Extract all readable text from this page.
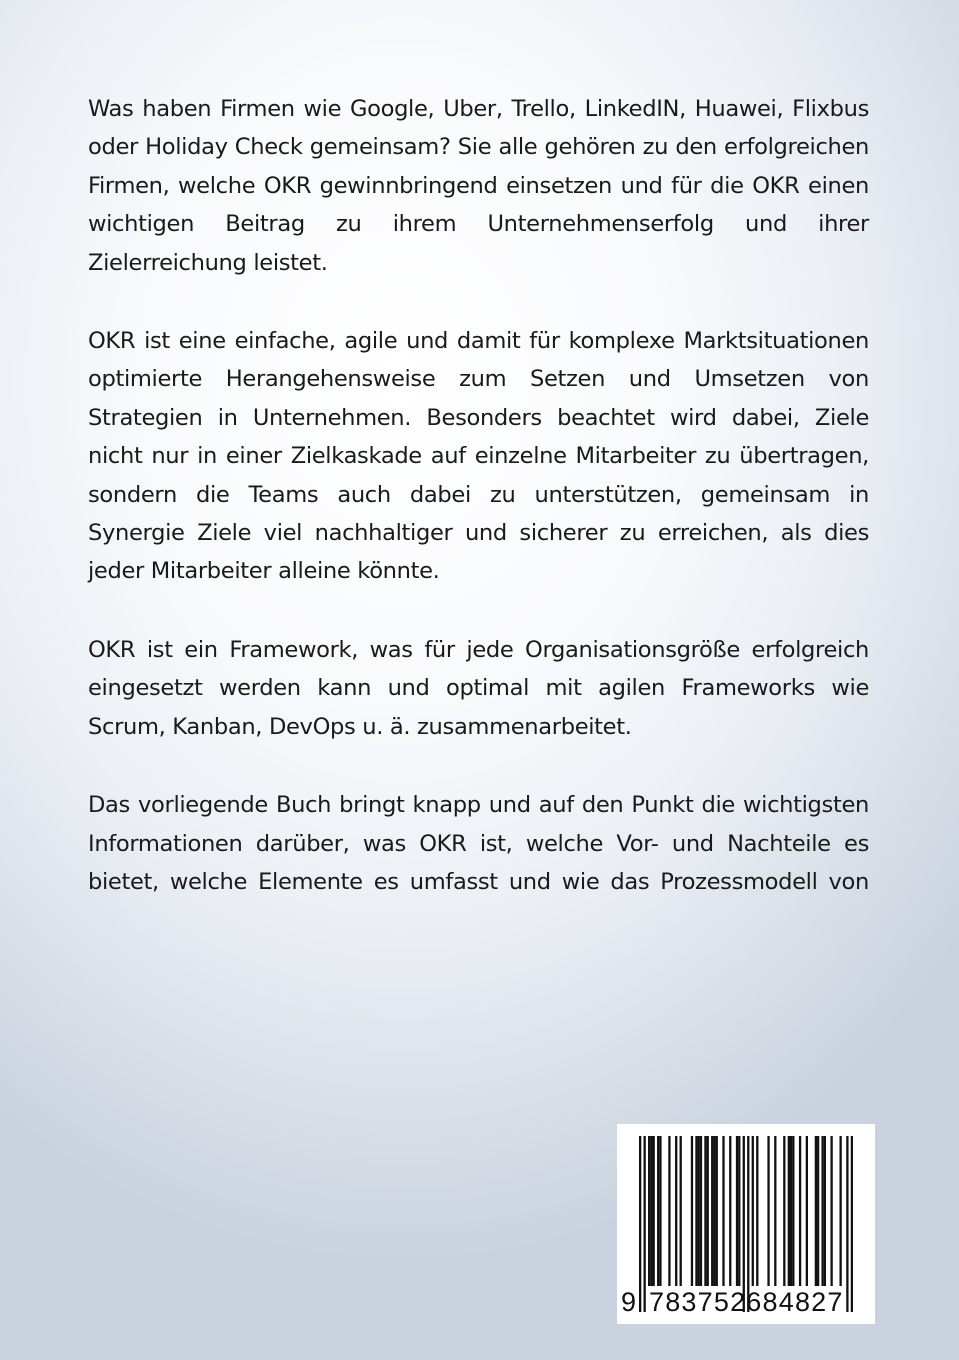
Was haben Firmen wie Google, Uber, Trello, LinkedIN, Huawei, Flixbus oder Holiday Check gemeinsam? Sie alle gehören zu den erfolgreichen Firmen, welche OKR gewinnbringend einsetzen und für die OKR einen wichtigen Beitrag zu ihrem Unternehmenserfolg und ihrer Zielerreichung leistet.

OKR ist eine einfache, agile und damit für komplexe Marktsituationen optimierte Herangehensweise zum Setzen und Umsetzen von Strategien in Unternehmen. Besonders beachtet wird dabei, Ziele nicht nur in einer Zielkaskade auf einzelne Mitarbeiter zu übertragen, sondern die Teams auch dabei zu unterstützen, gemeinsam in Synergie Ziele viel nachhaltiger und sicherer zu erreichen, als dies jeder Mitarbeiter alleine könnte.

OKR ist ein Framework, was für jede Organisationsgröße erfolgreich eingesetzt werden kann und optimal mit agilen Frameworks wie Scrum, Kanban, DevOps u. ä. zusammenarbeitet.

Das vorliegende Buch bringt knapp und auf den Punkt die wichtigsten Informationen darüber, was OKR ist, welche Vor- und Nachteile es bietet, welche Elemente es umfasst und wie das Prozessmodell von

9 783752684827
